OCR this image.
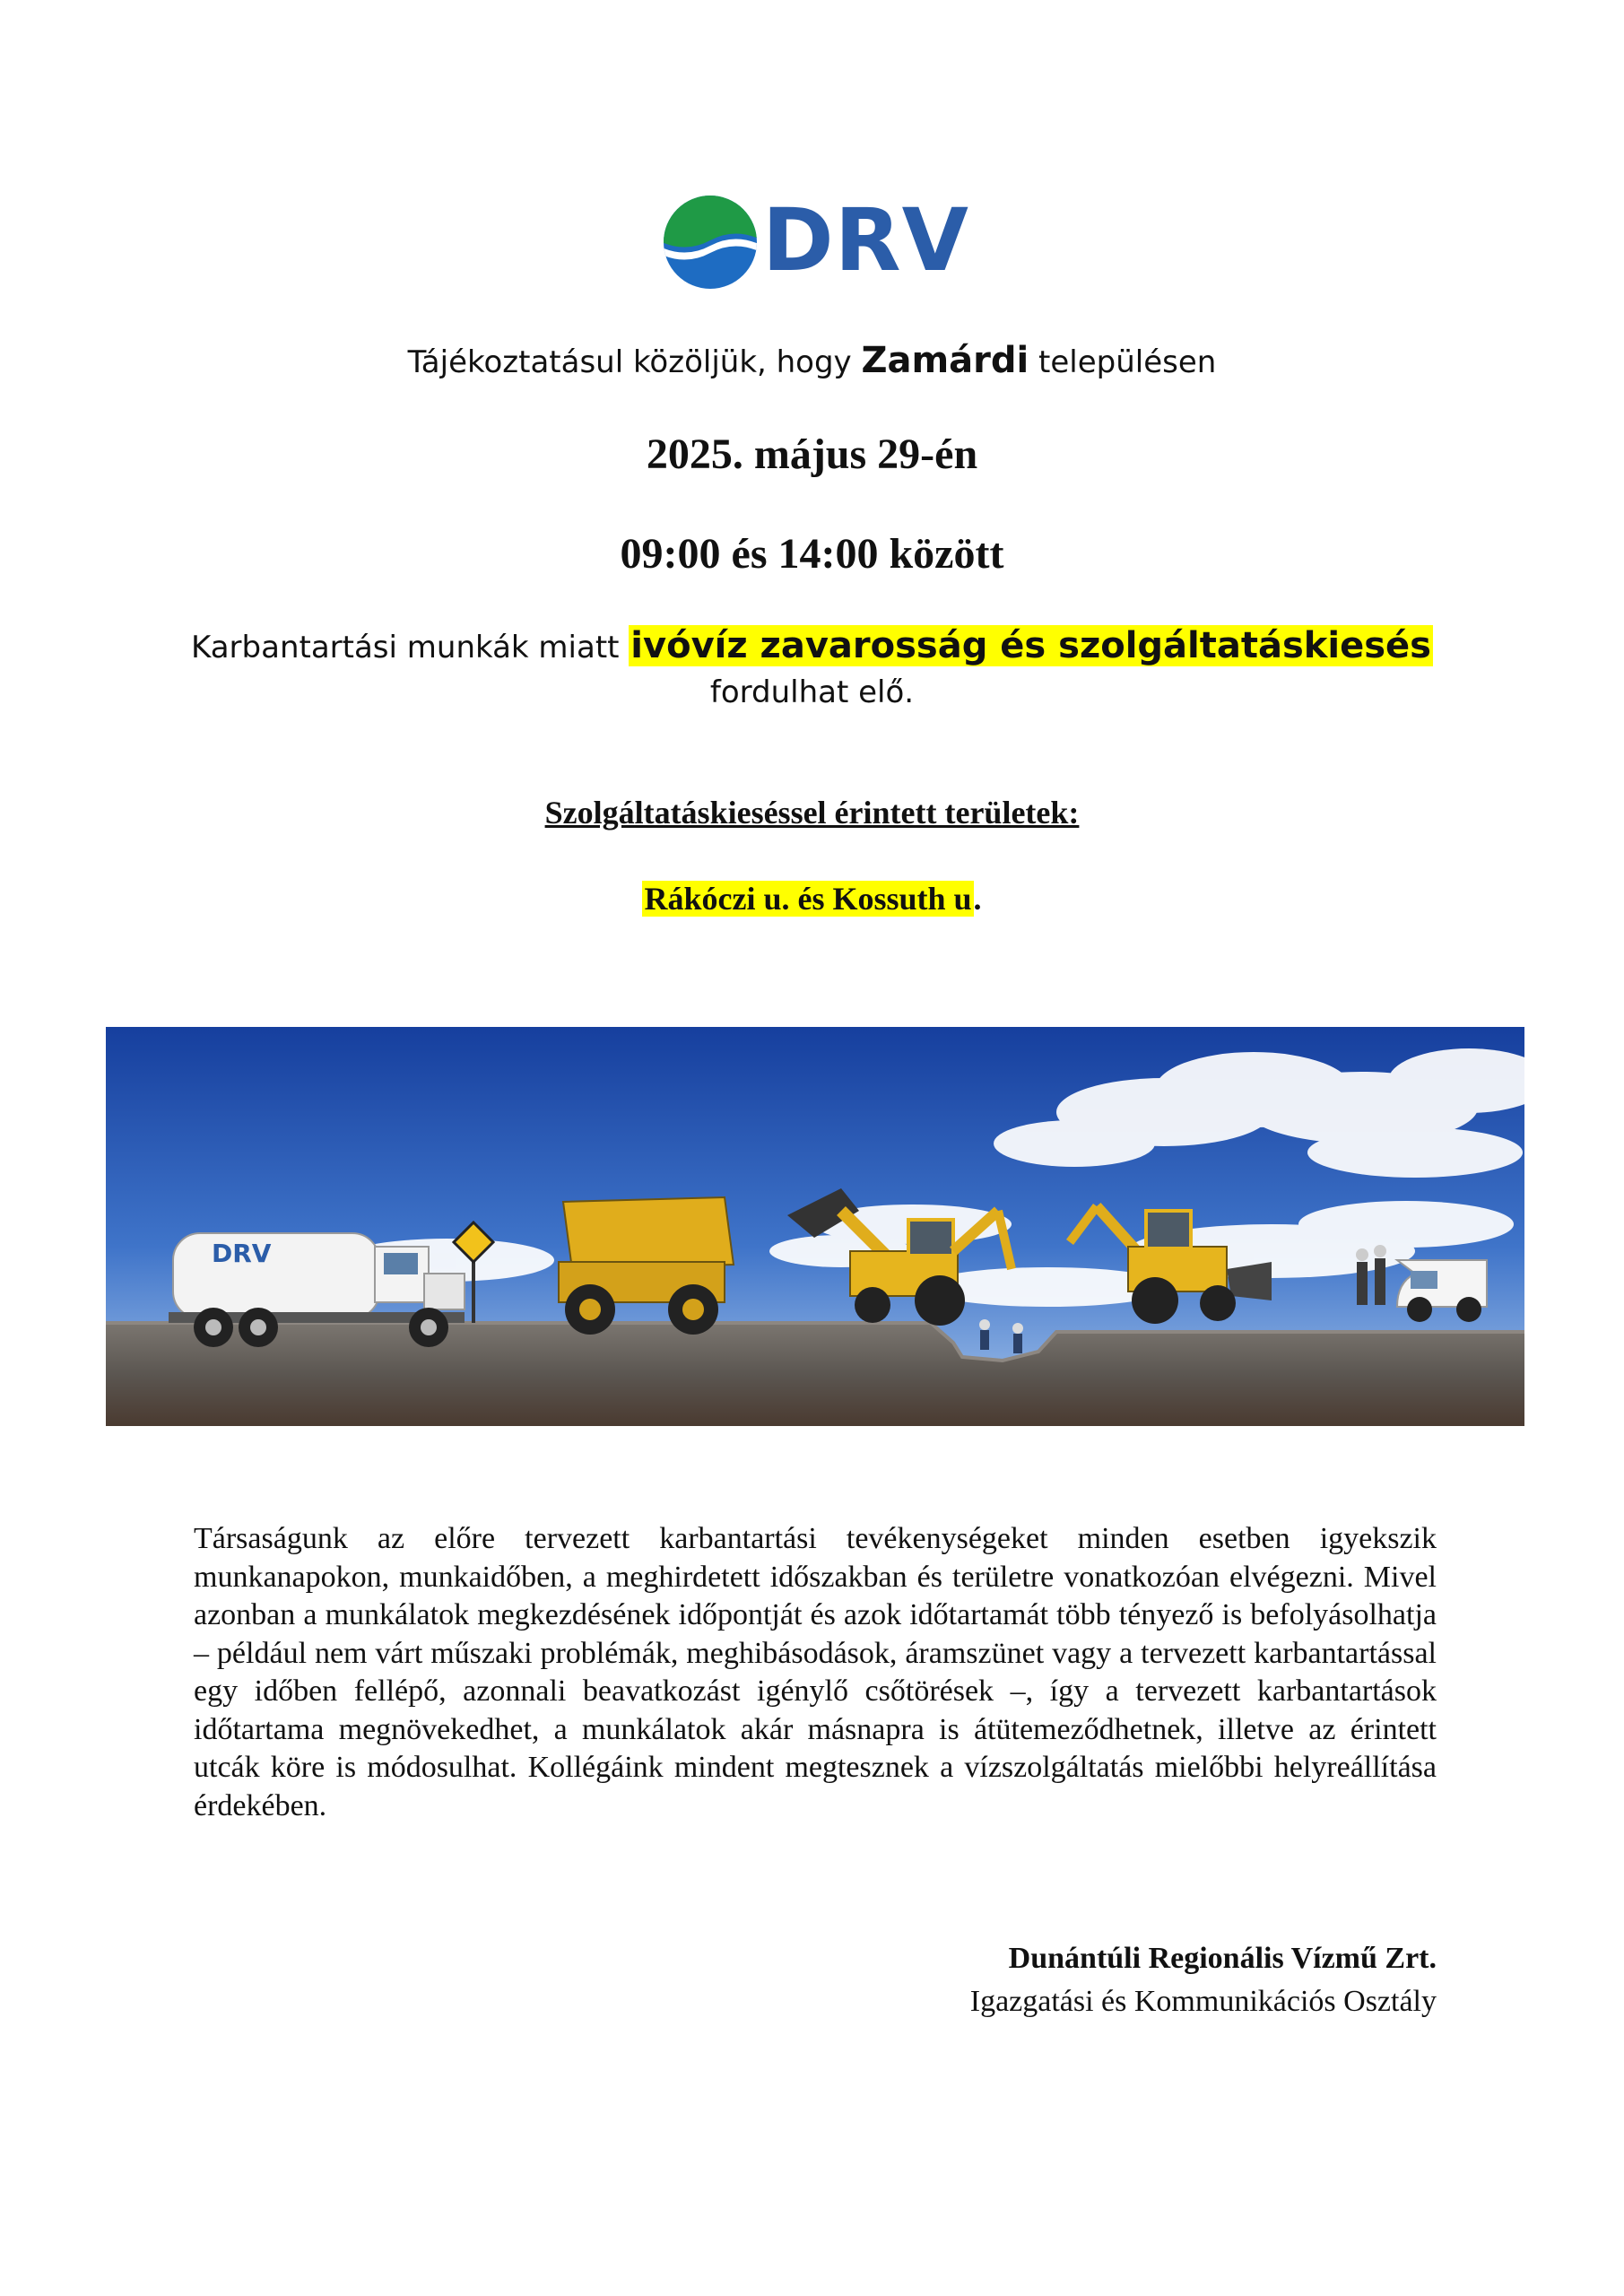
DRV
Tájékoztatásul közöljük, hogy Zamárdi településen
2025. május 29-én
09:00 és 14:00 között
Karbantartási munkák miatt ivóvíz zavarosság és szolgáltatáskiesés
fordulhat elő.
Szolgáltatáskieséssel érintett területek:
Rákóczi u. és Kossuth u.
DRV
Társaságunk az előre tervezett karbantartási tevékenységeket minden esetben igyekszik munkanapokon, munkaidőben, a meghirdetett időszakban és területre vonatkozóan elvégezni. Mivel azonban a munkálatok megkezdésének időpontját és azok időtartamát több tényező is befolyásolhatja – például nem várt műszaki problémák, meghibásodások, áramszünet vagy a tervezett karbantartással egy időben fellépő, azonnali beavatkozást igénylő csőtörések –, így a tervezett karbantartások időtartama megnövekedhet, a munkálatok akár másnapra is átütemeződhetnek, illetve az érintett utcák köre is módosulhat. Kollégáink mindent megtesznek a vízszolgáltatás mielőbbi helyreállítása érdekében.
Dunántúli Regionális Vízmű Zrt.
Igazgatási és Kommunikációs Osztály
